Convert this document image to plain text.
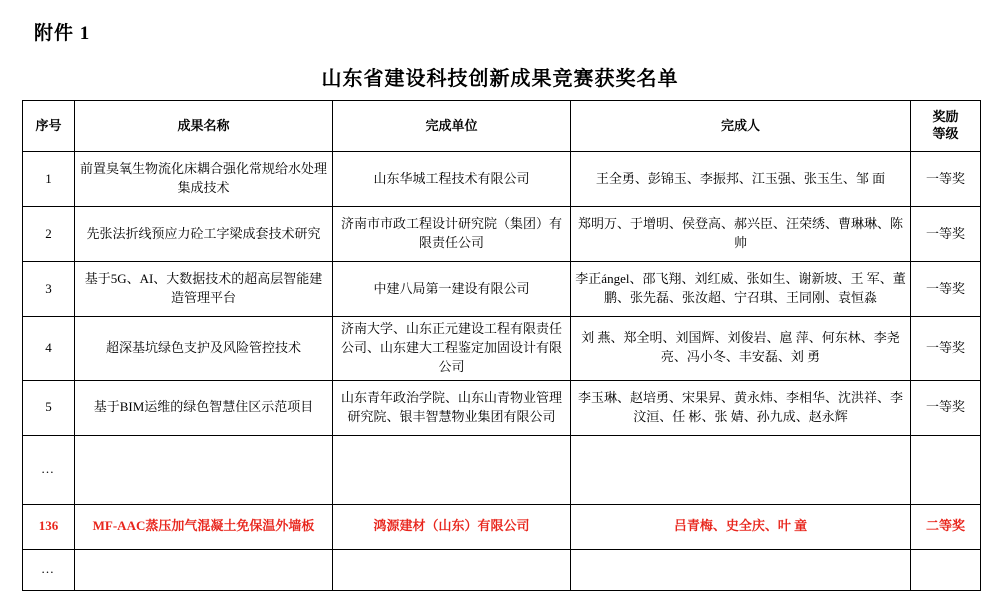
附件 1
山东省建设科技创新成果竞赛获奖名单
序号	成果名称	完成单位	完成人	奖励
等级

1	前置臭氧生物流化床耦合强化常规给水处理集成技术	山东华城工程技术有限公司	王全勇、彭锦玉、李振邦、江玉强、张玉生、邹 面	一等奖
2	先张法折线预应力砼工字梁成套技术研究	济南市市政工程设计研究院（集团）有限责任公司	郑明万、于增明、侯登高、郝兴臣、汪荣绣、曹琳琳、陈 帅	一等奖
3	基于5G、AI、大数据技术的超高层智能建造管理平台	中建八局第一建设有限公司	李正ángel、邵飞翔、刘红威、张如生、谢新坡、王 军、董 鹏、张先磊、张汝超、宁召琪、王同刚、袁恒淼	一等奖
4	超深基坑绿色支护及风险管控技术	济南大学、山东正元建设工程有限责任公司、山东建大工程鉴定加固设计有限公司	刘 燕、郑全明、刘国辉、刘俊岩、扈 萍、何东林、李尧亮、冯小冬、丰安磊、刘 勇	一等奖
5	基于BIM运维的绿色智慧住区示范项目	山东青年政治学院、山东山青物业管理研究院、银丰智慧物业集团有限公司	李玉琳、赵培勇、宋果昇、黄永炜、李相华、沈洪祥、李汶洹、任 彬、张 婧、孙九成、赵永辉	一等奖
…				
136	MF-AAC蒸压加气混凝土免保温外墙板	鸿源建材（山东）有限公司	吕青梅、史全庆、叶 童	二等奖
…				
